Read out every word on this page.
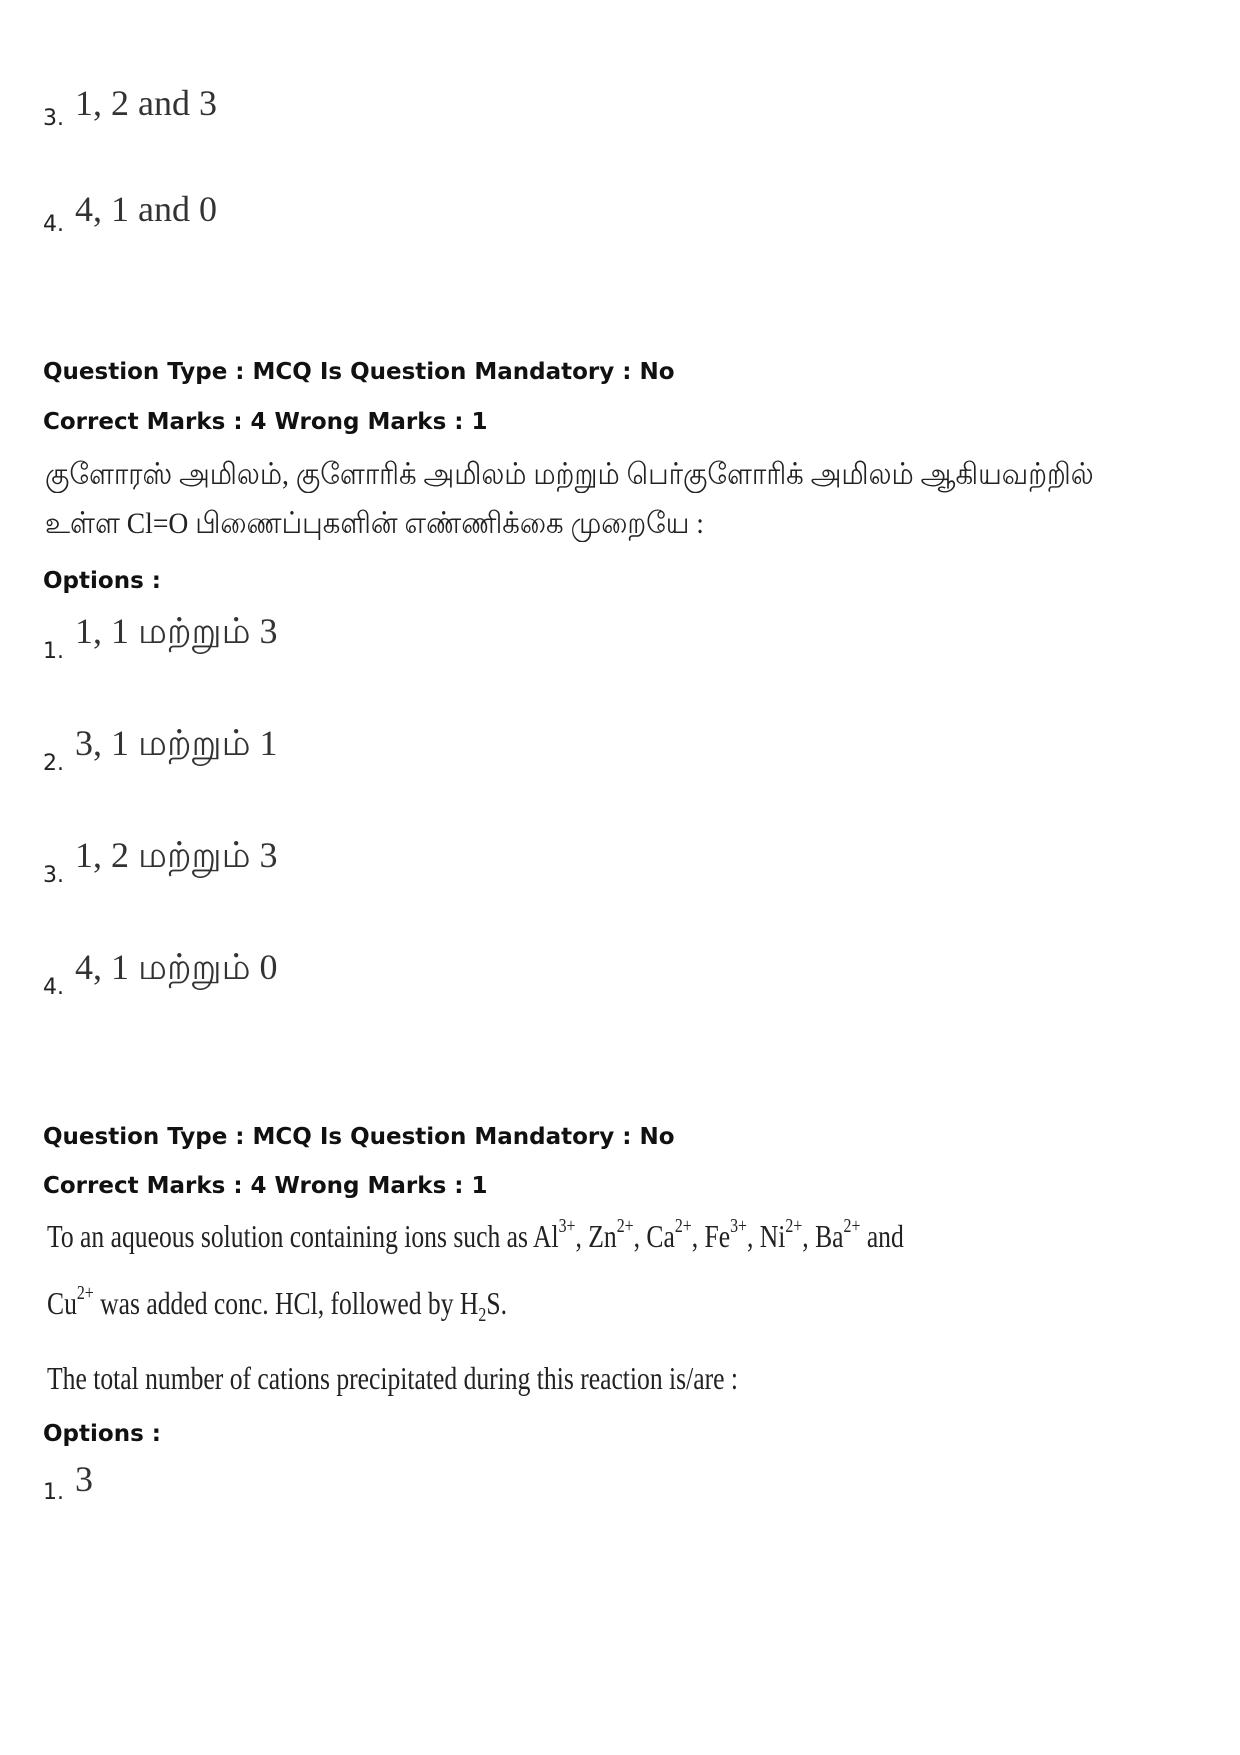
3. 1, 2 and 3
4. 4, 1 and 0
Question Type : MCQ Is Question Mandatory : No
Correct Marks : 4 Wrong Marks : 1
குளோரஸ் அமிலம், குளோரிக் அமிலம் மற்றும் பெர்குளோரிக் அமிலம் ஆகியவற்றில்
உள்ள Cl=O பிணைப்புகளின் எண்ணிக்கை முறையே :
Options :
1.
1, 1 மற்றும் 3
2.
3, 1 மற்றும் 1
3.
1, 2 மற்றும் 3
4.
4, 1 மற்றும் 0
Question Type : MCQ Is Question Mandatory : No
Correct Marks : 4 Wrong Marks : 1
To an aqueous solution containing ions such as $Al^{3+}$, $Zn^{2+}$, $Ca^{2+}$, $Fe^{3+}$, $Ni^{2+}$, $Ba^{2+}$ and
$Cu^{2+}$ was added conc. HCl, followed by $H_2S$.
The total number of cations precipitated during this reaction is/are :
Options :
1. 3
